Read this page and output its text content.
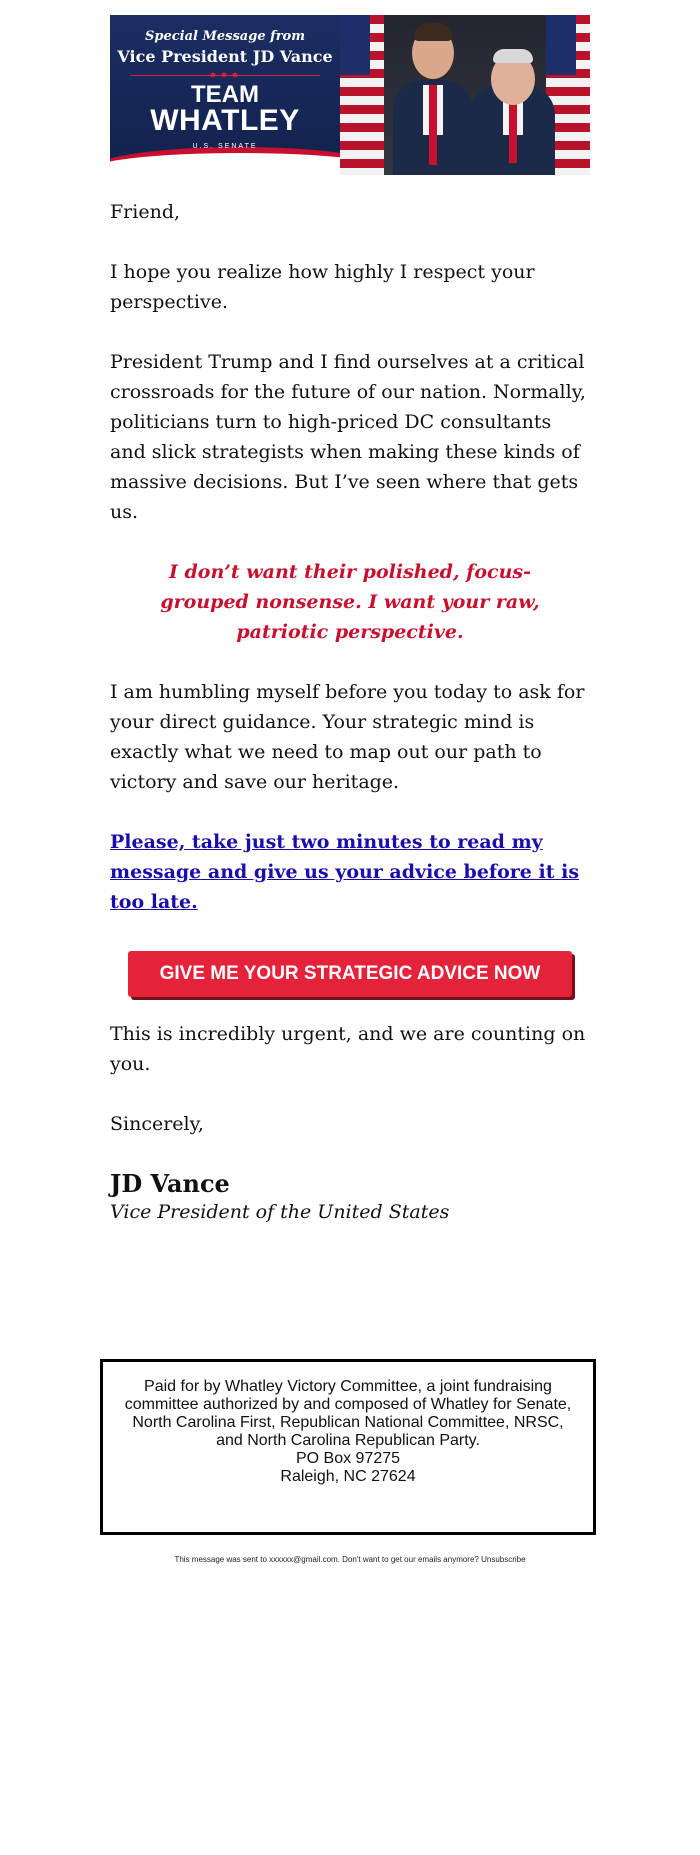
Special Message from
Vice President JD Vance
★★★
TEAM
WHATLEY
U.S. SENATE

Friend,

I hope you realize how highly I respect your perspective.

President Trump and I find ourselves at a critical crossroads for the future of our nation. Normally, politicians turn to high-priced DC consultants and slick strategists when making these kinds of massive decisions. But I’ve seen where that gets us.

I don’t want their polished, focus-grouped nonsense. I want your raw, patriotic perspective.

I am humbling myself before you today to ask for your direct guidance. Your strategic mind is exactly what we need to map out our path to victory and save our heritage.

Please, take just two minutes to read my message and give us your advice before it is too late.
GIVE ME YOUR STRATEGIC ADVICE NOW

This is incredibly urgent, and we are counting on you.

Sincerely,

JD Vance

Vice President of the United States

Paid for by Whatley Victory Committee, a joint fundraising
committee authorized by and composed of Whatley for Senate,
North Carolina First, Republican National Committee, NRSC,
and North Carolina Republican Party.
PO Box 97275
Raleigh, NC 27624
This message was sent to xxxxxx@gmail.com. Don't want to get our emails anymore? Unsubscribe
